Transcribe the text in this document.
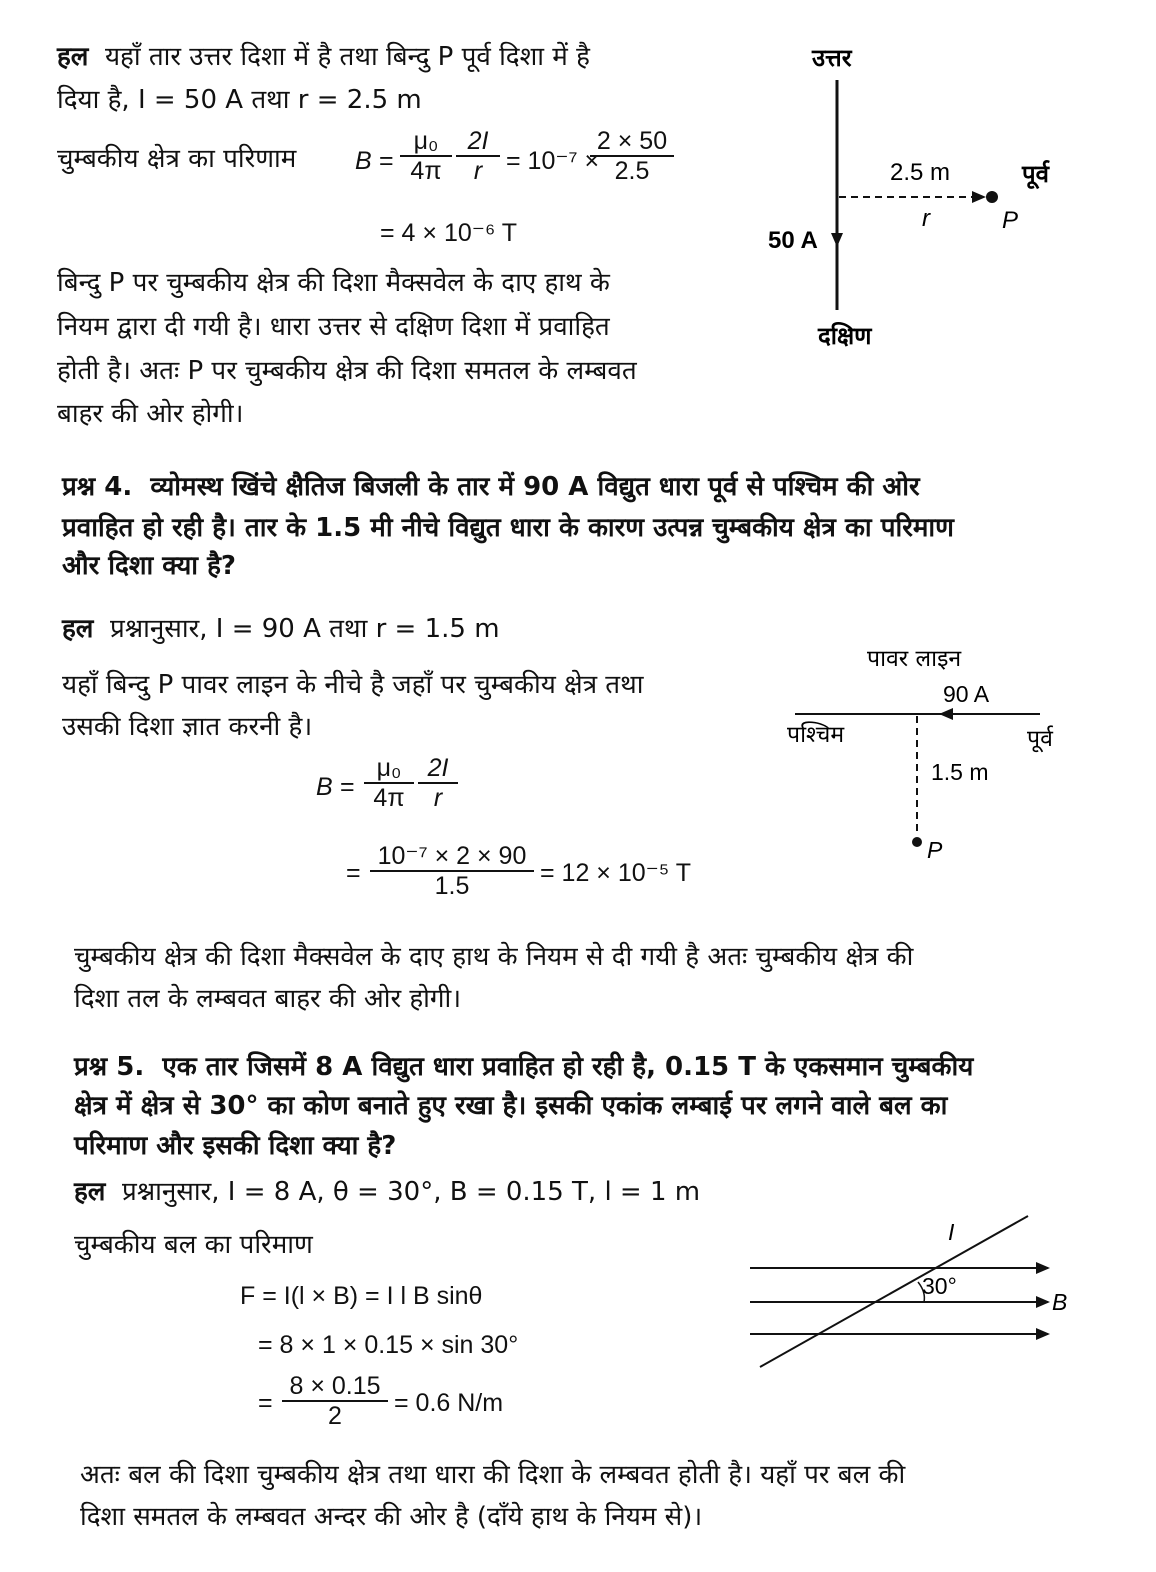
हल यहाँ तार उत्तर दिशा में है तथा बिन्दु P पूर्व दिशा में है
दिया है, I = 50 A तथा r = 2.5 m
चुम्बकीय क्षेत्र का परिणाम $B = \frac{\text{μ₀}}{4\pi} \frac{2I}{r} = 10^{-7}$ ×
$\frac{2 \times 50}{2.5}$
= 4 × 10⁻⁶ T
बिन्दु P पर चुम्बकीय क्षेत्र की दिशा मैक्सवेल के दाए हाथ के
नियम द्वारा दी गयी है। धारा उत्तर से दक्षिण दिशा में प्रवाहित
होती है। अतः P पर चुम्बकीय क्षेत्र की दिशा समतल के लम्बवत
बाहर की ओर होगी।
उत्तर
50 A
2.5 m
r	P
पूर्व
दक्षिण
प्रश्न 4. व्योमस्थ खिंचे क्षैतिज बिजली के तार में 90 A विद्युत धारा पूर्व से पश्चिम की ओर
प्रवाहित हो रही है। तार के 1.5 मी नीचे विद्युत धारा के कारण उत्पन्न चुम्बकीय क्षेत्र का परिमाण
और दिशा क्या है?
हल प्रश्नानुसार, I = 90 A तथा r = 1.5 m
यहाँ बिन्दु P पावर लाइन के नीचे है जहाँ पर चुम्बकीय क्षेत्र तथा
उसकी दिशा ज्ञात करनी है।
$B = \frac{\text{μ₀}}{4\pi} \frac{2I}{r}$
= $\frac{\text{10⁻⁷ × 2 × 90}}{1.5} = 12 \times 10^{-5}$ T
चुम्बकीय क्षेत्र की दिशा मैक्सवेल के दाए हाथ के नियम से दी गयी है अतः चुम्बकीय क्षेत्र की
दिशा तल के लम्बवत बाहर की ओर होगी।
पावर लाइन
90 A
पश्चिम	पूर्व
1.5 m
P
प्रश्न 5. एक तार जिसमें 8 A विद्युत धारा प्रवाहित हो रही है, 0.15 T के एकसमान चुम्बकीय
क्षेत्र में क्षेत्र से 30° का कोण बनाते हुए रखा है। इसकी एकांक लम्बाई पर लगने वाले बल का
परिमाण और इसकी दिशा क्या है?
हल प्रश्नानुसार, I = 8 A, θ = 30°, B = 0.15 T, l = 1 m
चुम्बकीय बल का परिमाण
F = I(l × B) = I l B sinθ
= 8 × 1 × 0.15 × sin 30°
= $\frac{8 \times 0.15}{2} = 0.6$ N/m
अतः बल की दिशा चुम्बकीय क्षेत्र तथा धारा की दिशा के लम्बवत होती है। यहाँ पर बल की
दिशा समतल के लम्बवत अन्दर की ओर है (दाँये हाथ के नियम से)।
I
30°
B
